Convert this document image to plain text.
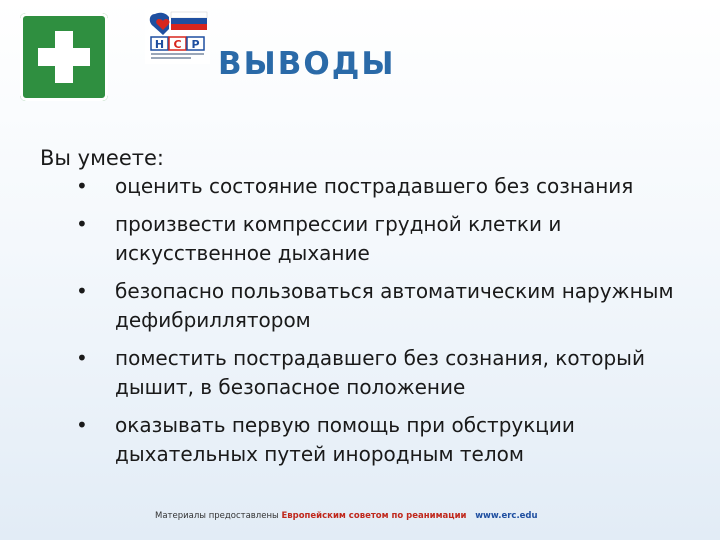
Н С Р
ВЫВОДЫ
Вы умеете:
• оценить состояние пострадавшего без сознания
• произвести компрессии грудной клетки и искусственное дыхание
• безопасно пользоваться автоматическим наружным дефибриллятором
• поместить пострадавшего без сознания, который дышит, в безопасное положение
• оказывать первую помощь при обструкции дыхательных путей инородным телом
Материалы предоставлены Европейским советом по реанимации www.erc.edu
